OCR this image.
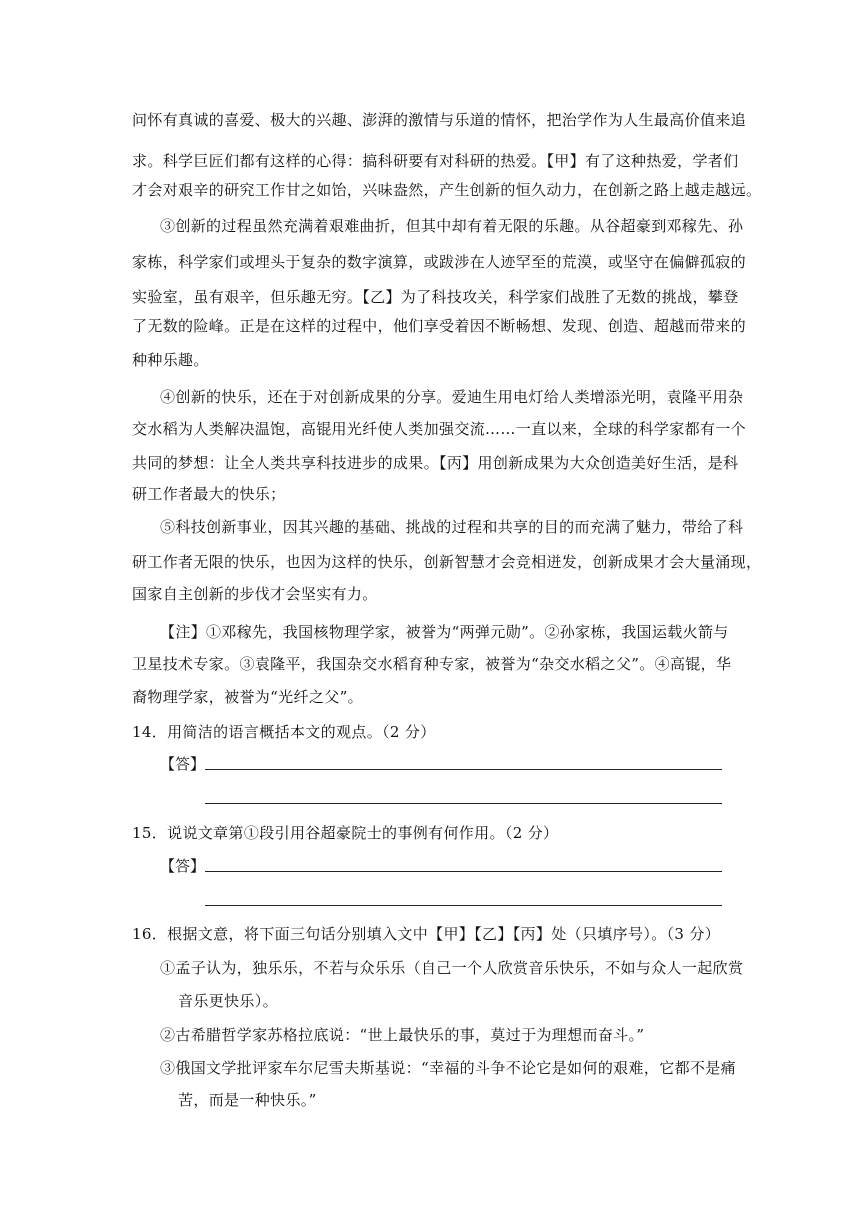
问怀有真诚的喜爱、极大的兴趣、澎湃的激情与乐道的情怀，把治学作为人生最高价值来追
求。科学巨匠们都有这样的心得：搞科研要有对科研的热爱。【甲】有了这种热爱，学者们
才会对艰辛的研究工作甘之如饴，兴味盎然，产生创新的恒久动力，在创新之路上越走越远。
③创新的过程虽然充满着艰难曲折，但其中却有着无限的乐趣。从谷超豪到邓稼先、孙
家栋，科学家们或埋头于复杂的数字演算，或跋涉在人迹罕至的荒漠，或坚守在偏僻孤寂的
实验室，虽有艰辛，但乐趣无穷。【乙】为了科技攻关，科学家们战胜了无数的挑战，攀登
了无数的险峰。正是在这样的过程中，他们享受着因不断畅想、发现、创造、超越而带来的
种种乐趣。
④创新的快乐，还在于对创新成果的分享。爱迪生用电灯给人类增添光明，袁隆平用杂
交水稻为人类解决温饱，高锟用光纤使人类加强交流……一直以来，全球的科学家都有一个
共同的梦想：让全人类共享科技进步的成果。【丙】用创新成果为大众创造美好生活，是科
研工作者最大的快乐；
⑤科技创新事业，因其兴趣的基础、挑战的过程和共享的目的而充满了魅力，带给了科
研工作者无限的快乐，也因为这样的快乐，创新智慧才会竞相迸发，创新成果才会大量涌现，
国家自主创新的步伐才会坚实有力。
【注】①邓稼先，我国核物理学家，被誉为“两弹元勋”。②孙家栋，我国运载火箭与
卫星技术专家。③袁隆平，我国杂交水稻育种专家，被誉为“杂交水稻之父”。④高锟，华
裔物理学家，被誉为“光纤之父”。
14．用简洁的语言概括本文的观点。（2 分）
【答】
15．说说文章第①段引用谷超豪院士的事例有何作用。（2 分）
【答】
16．根据文意，将下面三句话分别填入文中【甲】【乙】【丙】处（只填序号）。（3 分）
①孟子认为，独乐乐，不若与众乐乐（自己一个人欣赏音乐快乐，不如与众人一起欣赏
音乐更快乐）。
②古希腊哲学家苏格拉底说：“世上最快乐的事，莫过于为理想而奋斗。”
③俄国文学批评家车尔尼雪夫斯基说：“幸福的斗争不论它是如何的艰难，它都不是痛
苦，而是一种快乐。”
